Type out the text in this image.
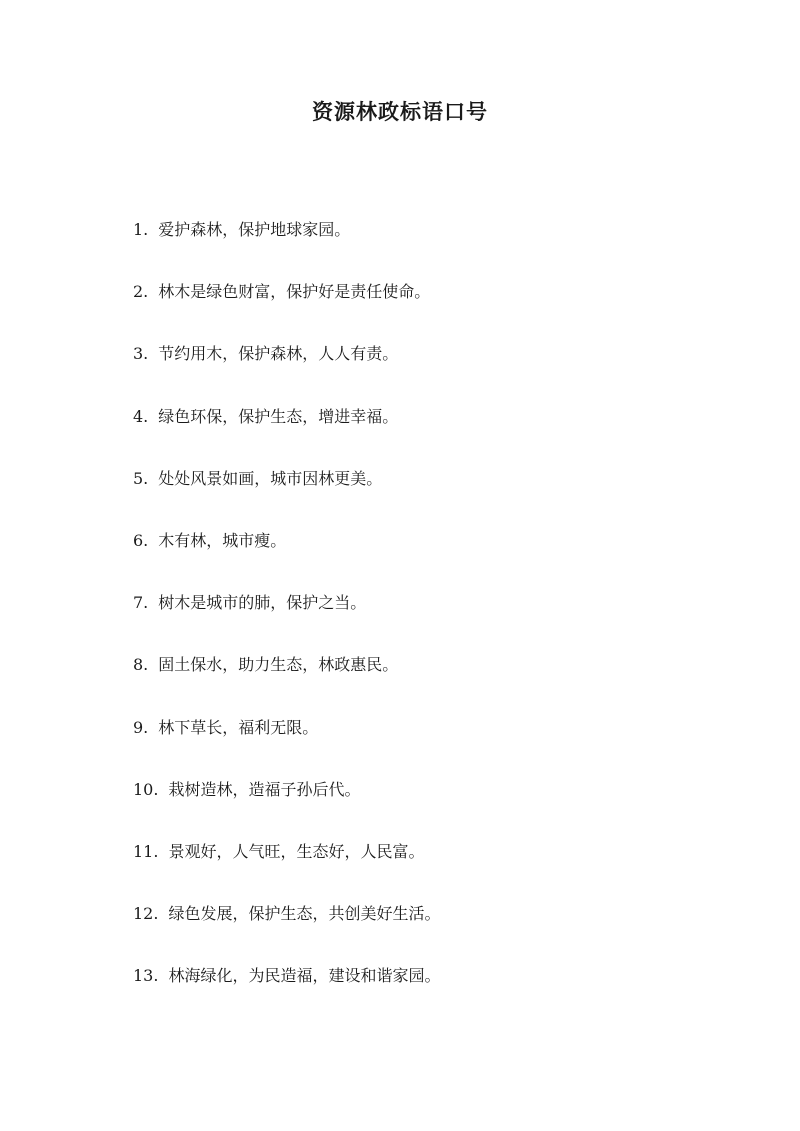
资源林政标语口号
1. 爱护森林，保护地球家园。
2. 林木是绿色财富，保护好是责任使命。
3. 节约用木，保护森林，人人有责。
4. 绿色环保，保护生态，增进幸福。
5. 处处风景如画，城市因林更美。
6. 木有林，城市瘦。
7. 树木是城市的肺，保护之当。
8. 固土保水，助力生态，林政惠民。
9. 林下草长，福利无限。
10. 栽树造林，造福子孙后代。
11. 景观好，人气旺，生态好，人民富。
12. 绿色发展，保护生态，共创美好生活。
13. 林海绿化，为民造福，建设和谐家园。
